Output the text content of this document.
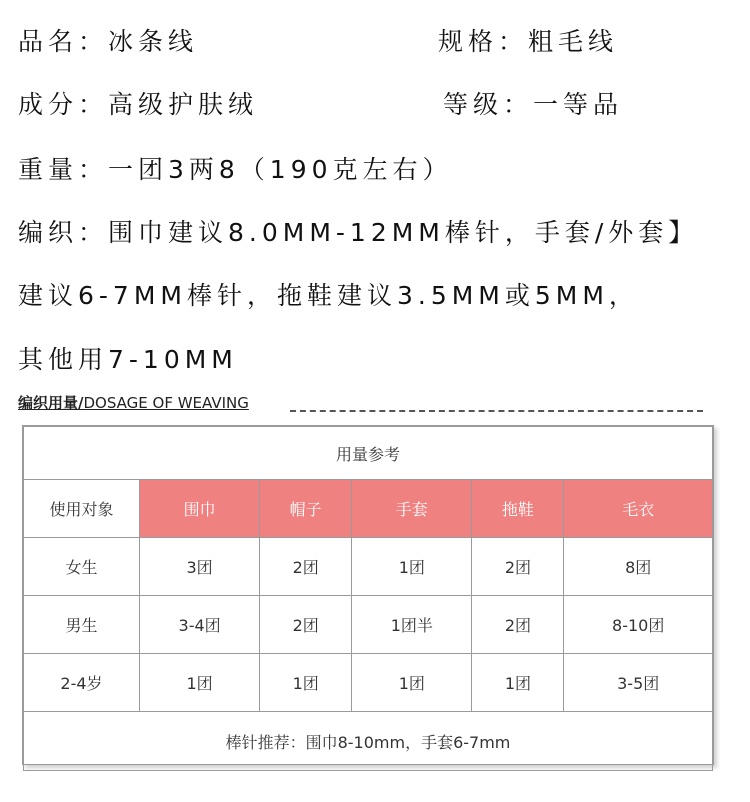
品名：冰条线	规格：粗毛线
成分：高级护肤绒	等级：一等品
重量：一团3两8（190克左右）
编织：围巾建议8.0MM-12MM棒针，手套/外套】
建议6-7MM棒针，拖鞋建议3.5MM或5MM，
其他用7-10MM
编织用量/DOSAGE OF WEAVING
用量参考					
使用对象	围巾	帽子	手套	拖鞋	毛衣
女生	3团	2团	1团	2团	8团
男生	3-4团	2团	1团半	2团	8-10团
2-4岁	1团	1团	1团	1团	3-5团
棒针推荐：围巾8-10mm，手套6-7mm					
